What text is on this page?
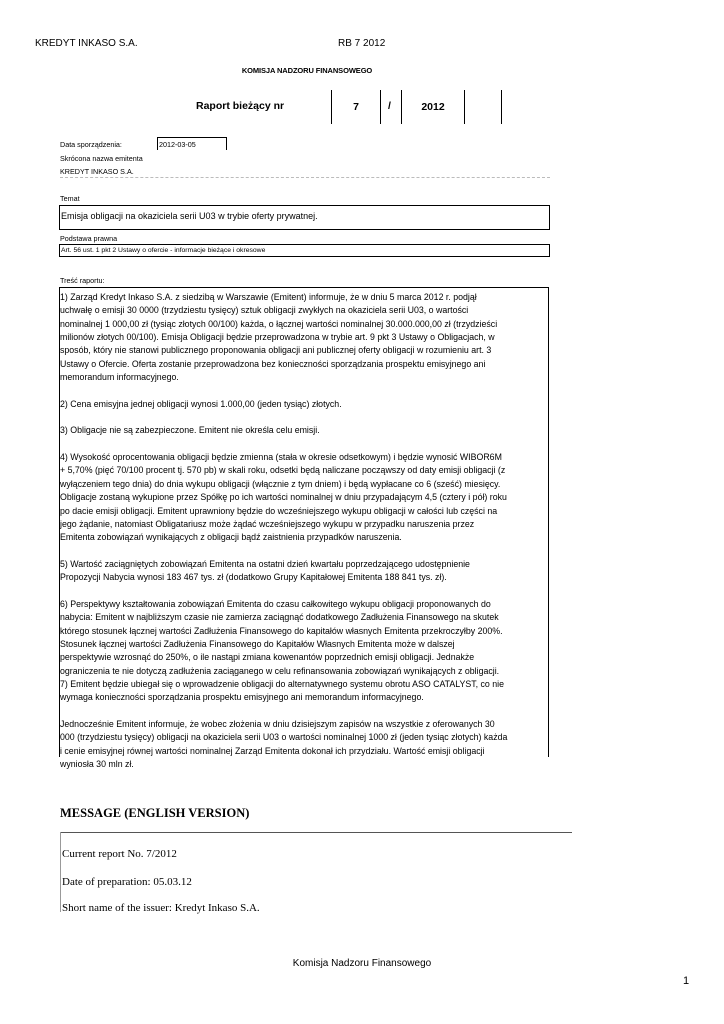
KREDYT INKASO S.A.	RB 7 2012
KOMISJA NADZORU FINANSOWEGO
Raport bieżący nr	7	/	2012
Data sporządzenia:	2012-03-05
Skrócona nazwa emitenta
KREDYT INKASO S.A.
Temat
Emisja obligacji na okaziciela serii U03 w trybie oferty prywatnej.
Podstawa prawna
Art. 56 ust. 1 pkt 2 Ustawy o ofercie - informacje bieżące i okresowe
Treść raportu:

1) Zarząd Kredyt Inkaso S.A. z siedzibą w Warszawie (Emitent) informuje, że w dniu 5 marca 2012 r. podjął
uchwałę o emisji 30 0000 (trzydziestu tysięcy) sztuk obligacji zwykłych na okaziciela serii U03, o wartości
nominalnej 1 000,00 zł (tysiąc złotych 00/100) każda, o łącznej wartości nominalnej 30.000.000,00 zł (trzydzieści
milionów złotych 00/100). Emisja Obligacji będzie przeprowadzona w trybie art. 9 pkt 3 Ustawy o Obligacjach, w
sposób, który nie stanowi publicznego proponowania obligacji ani publicznej oferty obligacji w rozumieniu art. 3
Ustawy o Ofercie. Oferta zostanie przeprowadzona bez konieczności sporządzania prospektu emisyjnego ani
memorandum informacyjnego.

2) Cena emisyjna jednej obligacji wynosi 1.000,00 (jeden tysiąc) złotych.

3) Obligacje nie są zabezpieczone. Emitent nie określa celu emisji.

4) Wysokość oprocentowania obligacji będzie zmienna (stała w okresie odsetkowym) i będzie wynosić WIBOR6M
+ 5,70% (pięć 70/100 procent tj. 570 pb) w skali roku, odsetki będą naliczane począwszy od daty emisji obligacji (z
wyłączeniem tego dnia) do dnia wykupu obligacji (włącznie z tym dniem) i będą wypłacane co 6 (sześć) miesięcy.
Obligacje zostaną wykupione przez Spółkę po ich wartości nominalnej w dniu przypadającym 4,5 (cztery i pół) roku
po dacie emisji obligacji. Emitent uprawniony będzie do wcześniejszego wykupu obligacji w całości lub części na
jego żądanie, natomiast Obligatariusz może żądać wcześniejszego wykupu w przypadku naruszenia przez
Emitenta zobowiązań wynikających z obligacji bądź zaistnienia przypadków naruszenia.

5) Wartość zaciągniętych zobowiązań Emitenta na ostatni dzień kwartału poprzedzającego udostępnienie
Propozycji Nabycia wynosi 183 467 tys. zł (dodatkowo Grupy Kapitałowej Emitenta 188 841 tys. zł).

6) Perspektywy kształtowania zobowiązań Emitenta do czasu całkowitego wykupu obligacji proponowanych do
nabycia: Emitent w najbliższym czasie nie zamierza zaciągnąć dodatkowego Zadłużenia Finansowego na skutek
którego stosunek łącznej wartości Zadłużenia Finansowego do kapitałów własnych Emitenta przekroczyłby 200%.
Stosunek łącznej wartości Zadłużenia Finansowego do Kapitałów Własnych Emitenta może w dalszej
perspektywie wzrosnąć do 250%, o ile nastąpi zmiana kowenantów poprzednich emisji obligacji. Jednakże
ograniczenia te nie dotyczą zadłużenia zaciąganego w celu refinansowania zobowiązań wynikających z obligacji.
7) Emitent będzie ubiegał się o wprowadzenie obligacji do alternatywnego systemu obrotu ASO CATALYST, co nie
wymaga konieczności sporządzania prospektu emisyjnego ani memorandum informacyjnego.

Jednocześnie Emitent informuje, że wobec złożenia w dniu dzisiejszym zapisów na wszystkie z oferowanych 30
000 (trzydziestu tysięcy) obligacji na okaziciela serii U03 o wartości nominalnej 1000 zł (jeden tysiąc złotych) każda
i cenie emisyjnej równej wartości nominalnej Zarząd Emitenta dokonał ich przydziału. Wartość emisji obligacji
wyniosła 30 mln zł.

MESSAGE (ENGLISH VERSION)
Current report No. 7/2012
Date of preparation: 05.03.12
Short name of the issuer: Kredyt Inkaso S.A.
Komisja Nadzoru Finansowego
1
